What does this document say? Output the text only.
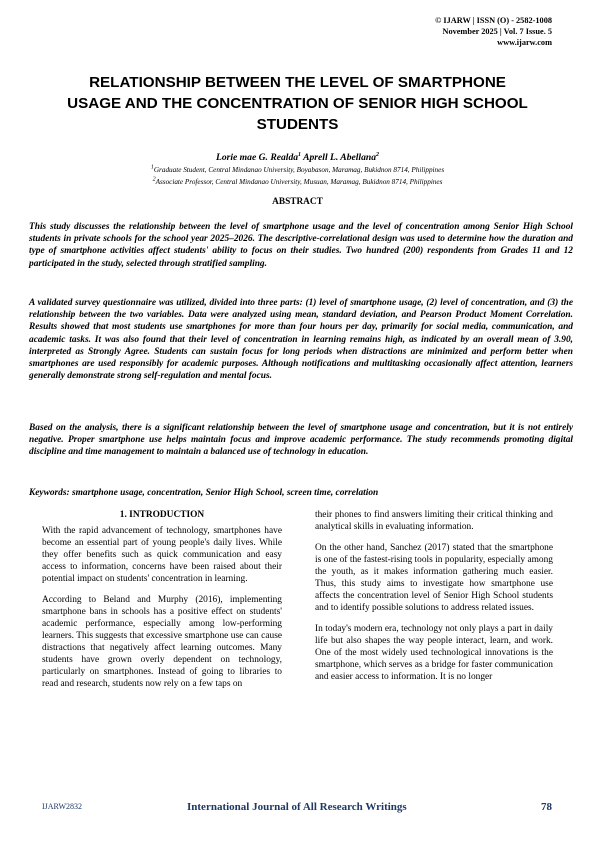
© IJARW | ISSN (O) - 2582-1008
November 2025 | Vol. 7 Issue. 5
www.ijarw.com
RELATIONSHIP BETWEEN THE LEVEL OF SMARTPHONE USAGE AND THE CONCENTRATION OF SENIOR HIGH SCHOOL STUDENTS
Lorie mae G. Realda$^1$ Aprell L. Abellana$^2$
$^1$Graduate Student, Central Mindanao University, Boyabason, Maramag, Bukidnon 8714, Philippines
$^2$Associate Professor, Central Mindanao University, Musuan, Maramag, Bukidnon 8714, Philippines
ABSTRACT

This study discusses the relationship between the level of smartphone usage and the level of concentration among Senior High School students in private schools for the school year 2025–2026. The descriptive-correlational design was used to determine how the duration and type of smartphone activities affect students' ability to focus on their studies. Two hundred (200) respondents from Grades 11 and 12 participated in the study, selected through stratified sampling.

A validated survey questionnaire was utilized, divided into three parts: (1) level of smartphone usage, (2) level of concentration, and (3) the relationship between the two variables. Data were analyzed using mean, standard deviation, and Pearson Product Moment Correlation. Results showed that most students use smartphones for more than four hours per day, primarily for social media, communication, and academic tasks. It was also found that their level of concentration in learning remains high, as indicated by an overall mean of 3.90, interpreted as Strongly Agree. Students can sustain focus for long periods when distractions are minimized and perform better when smartphones are used responsibly for academic purposes. Although notifications and multitasking occasionally affect attention, learners generally demonstrate strong self-regulation and mental focus.

Based on the analysis, there is a significant relationship between the level of smartphone usage and concentration, but it is not entirely negative. Proper smartphone use helps maintain focus and improve academic performance. The study recommends promoting digital discipline and time management to maintain a balanced use of technology in education.

Keywords: smartphone usage, concentration, Senior High School, screen time, correlation
1. INTRODUCTION

With the rapid advancement of technology, smartphones have become an essential part of young people's daily lives. While they offer benefits such as quick communication and easy access to information, concerns have been raised about their potential impact on students' concentration in learning.

According to Beland and Murphy (2016), implementing smartphone bans in schools has a positive effect on students' academic performance, especially among low-performing learners. This suggests that excessive smartphone use can cause distractions that negatively affect learning outcomes. Many students have grown overly dependent on technology, particularly on smartphones. Instead of going to libraries to read and research, students now rely on a few taps on

their phones to find answers limiting their critical thinking and analytical skills in evaluating information.

On the other hand, Sanchez (2017) stated that the smartphone is one of the fastest-rising tools in popularity, especially among the youth, as it makes information gathering much easier. Thus, this study aims to investigate how smartphone use affects the concentration level of Senior High School students and to identify possible solutions to address related issues.

In today's modern era, technology not only plays a part in daily life but also shapes the way people interact, learn, and work. One of the most widely used technological innovations is the smartphone, which serves as a bridge for faster communication and easier access to information. It is no longer

IJARW2832	International Journal of All Research Writings	78
